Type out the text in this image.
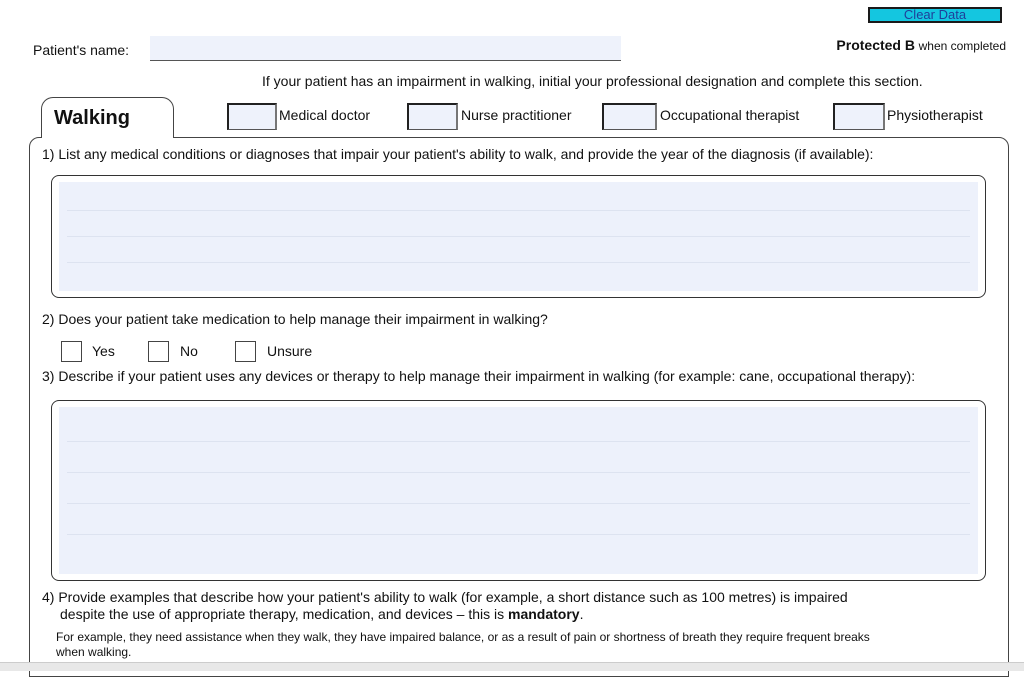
Clear Data
Patient's name:	Protected B when completed
If your patient has an impairment in walking, initial your professional designation and complete this section.
Walking	Medical doctor	Nurse practitioner	Occupational therapist	Physiotherapist
1) List any medical conditions or diagnoses that impair your patient's ability to walk, and provide the year of the diagnosis (if available):
2) Does your patient take medication to help manage their impairment in walking?
Yes	No	Unsure
3) Describe if your patient uses any devices or therapy to help manage their impairment in walking (for example: cane, occupational therapy):
4) Provide examples that describe how your patient's ability to walk (for example, a short distance such as 100 metres) is impaired
despite the use of appropriate therapy, medication, and devices – this is mandatory.
For example, they need assistance when they walk, they have impaired balance, or as a result of pain or shortness of breath they require frequent breaks
when walking.
